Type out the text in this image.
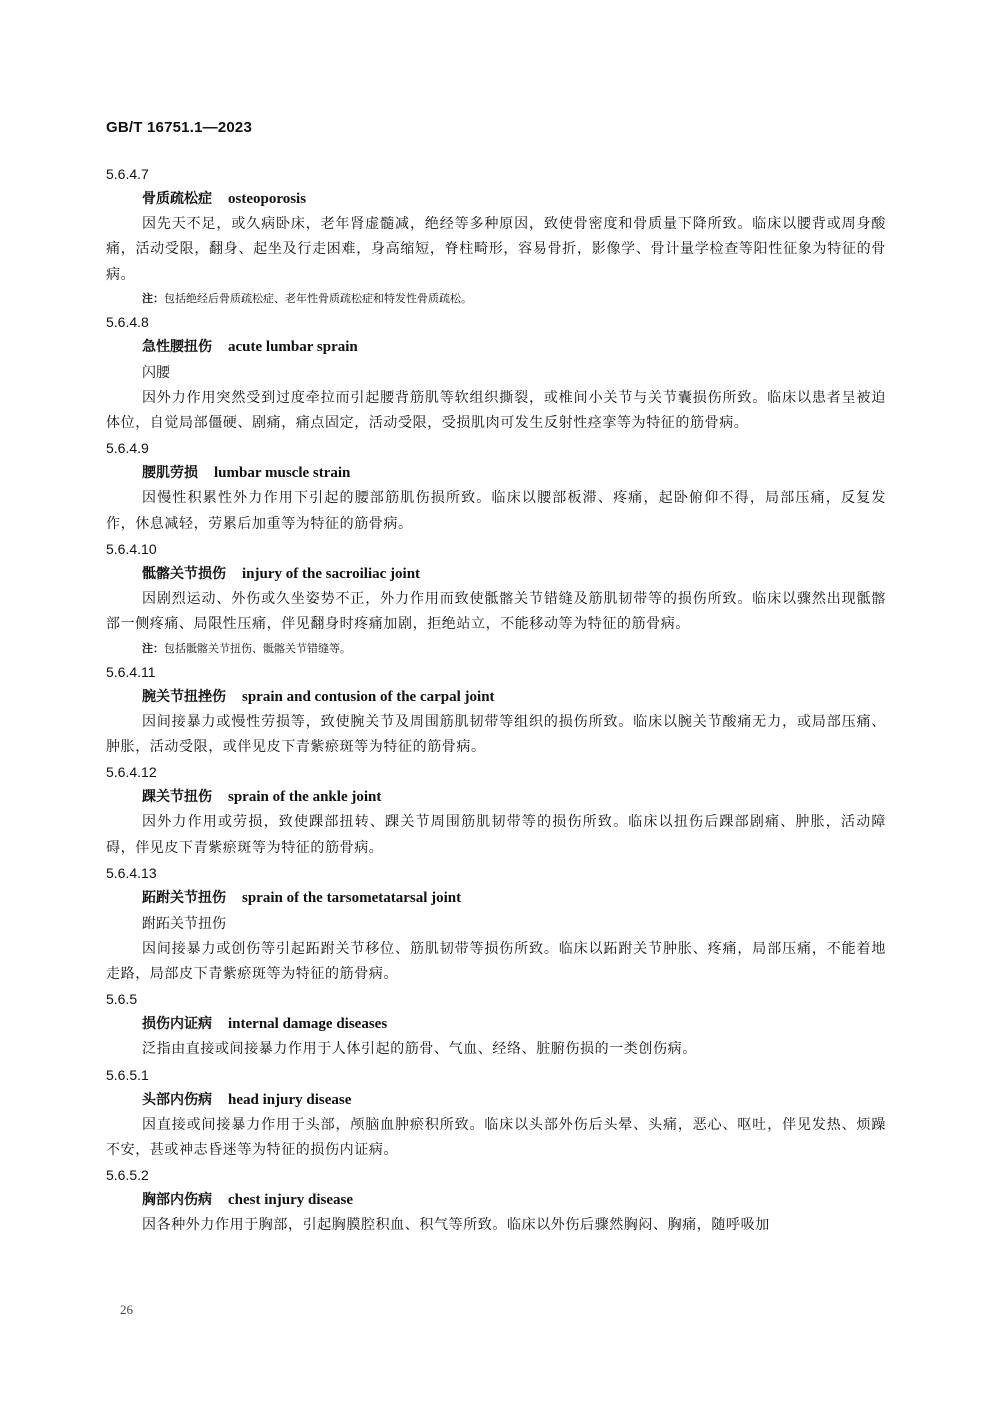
GB/T 16751.1—2023
5.6.4.7
骨质疏松症 osteoporosis

因先天不足，或久病卧床，老年肾虚髓减，绝经等多种原因，致使骨密度和骨质量下降所致。临床以腰背或周身酸痛，活动受限，翻身、起坐及行走困难，身高缩短，脊柱畸形，容易骨折，影像学、骨计量学检查等阳性征象为特征的骨病。

注：包括绝经后骨质疏松症、老年性骨质疏松症和特发性骨质疏松。
5.6.4.8
急性腰扭伤 acute lumbar sprain
闪腰

因外力作用突然受到过度牵拉而引起腰背筋肌等软组织撕裂，或椎间小关节与关节囊损伤所致。临床以患者呈被迫体位，自觉局部僵硬、剧痛，痛点固定，活动受限，受损肌肉可发生反射性痉挛等为特征的筋骨病。

5.6.4.9
腰肌劳损 lumbar muscle strain

因慢性积累性外力作用下引起的腰部筋肌伤损所致。临床以腰部板滞、疼痛，起卧俯仰不得，局部压痛，反复发作，休息减轻，劳累后加重等为特征的筋骨病。

5.6.4.10
骶髂关节损伤 injury of the sacroiliac joint

因剧烈运动、外伤或久坐姿势不正，外力作用而致使骶髂关节错缝及筋肌韧带等的损伤所致。临床以骤然出现骶髂部一侧疼痛、局限性压痛，伴见翻身时疼痛加剧，拒绝站立，不能移动等为特征的筋骨病。

注：包括骶髂关节扭伤、骶髂关节错缝等。
5.6.4.11
腕关节扭挫伤 sprain and contusion of the carpal joint

因间接暴力或慢性劳损等，致使腕关节及周围筋肌韧带等组织的损伤所致。临床以腕关节酸痛无力，或局部压痛、肿胀，活动受限，或伴见皮下青紫瘀斑等为特征的筋骨病。

5.6.4.12
踝关节扭伤 sprain of the ankle joint

因外力作用或劳损，致使踝部扭转、踝关节周围筋肌韧带等的损伤所致。临床以扭伤后踝部剧痛、肿胀，活动障碍，伴见皮下青紫瘀斑等为特征的筋骨病。

5.6.4.13
跖跗关节扭伤 sprain of the tarsometatarsal joint
跗跖关节扭伤

因间接暴力或创伤等引起跖跗关节移位、筋肌韧带等损伤所致。临床以跖跗关节肿胀、疼痛，局部压痛，不能着地走路，局部皮下青紫瘀斑等为特征的筋骨病。

5.6.5
损伤内证病 internal damage diseases

泛指由直接或间接暴力作用于人体引起的筋骨、气血、经络、脏腑伤损的一类创伤病。

5.6.5.1
头部内伤病 head injury disease

因直接或间接暴力作用于头部，颅脑血肿瘀积所致。临床以头部外伤后头晕、头痛，恶心、呕吐，伴见发热、烦躁不安，甚或神志昏迷等为特征的损伤内证病。

5.6.5.2
胸部内伤病 chest injury disease

因各种外力作用于胸部，引起胸膜腔积血、积气等所致。临床以外伤后骤然胸闷、胸痛，随呼吸加

26
